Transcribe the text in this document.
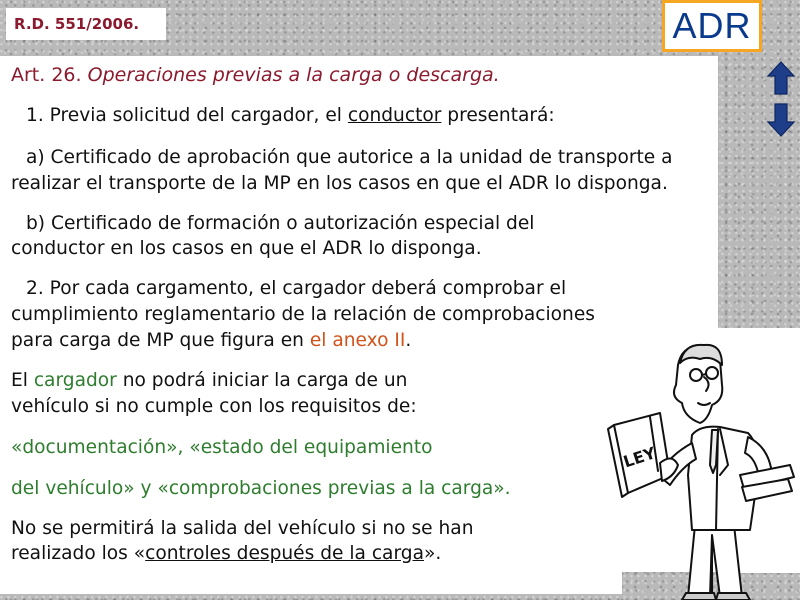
R.D. 551/2006.	ADR
Art. 26. Operaciones previas a la carga o descarga.
1. Previa solicitud del cargador, el conductor presentará:
a) Certificado de aprobación que autorice a la unidad de transporte a
realizar el transporte de la MP en los casos en que el ADR lo disponga.
b) Certificado de formación o autorización especial del
conductor en los casos en que el ADR lo disponga.
2. Por cada cargamento, el cargador deberá comprobar el
cumplimiento reglamentario de la relación de comprobaciones
para carga de MP que figura en el anexo II.
El cargador no podrá iniciar la carga de un
vehículo si no cumple con los requisitos de:
«documentación», «estado del equipamiento
del vehículo» y «comprobaciones previas a la carga».
No se permitirá la salida del vehículo si no se han
realizado los «controles después de la carga».
LEY
